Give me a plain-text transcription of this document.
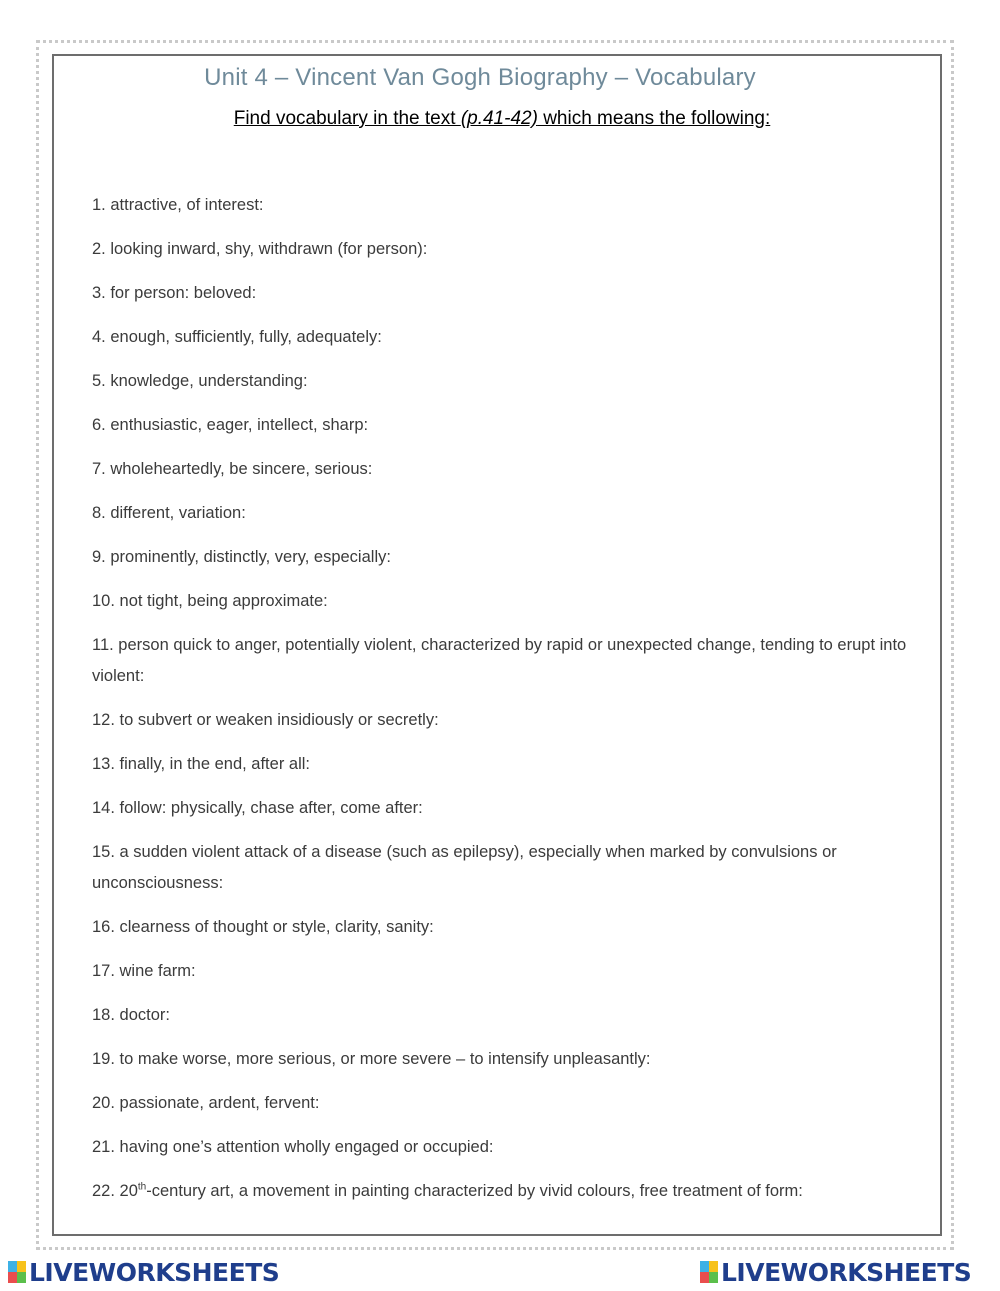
Unit 4 – Vincent Van Gogh Biography – Vocabulary
Find vocabulary in the text (p.41-42) which means the following:
1. attractive, of interest:
2. looking inward, shy, withdrawn (for person):
3. for person: beloved:
4. enough, sufficiently, fully, adequately:
5. knowledge, understanding:
6. enthusiastic, eager, intellect, sharp:
7. wholeheartedly, be sincere, serious:
8. different, variation:
9. prominently, distinctly, very, especially:
10. not tight, being approximate:
11. person quick to anger, potentially violent, characterized by rapid or unexpected change, tending to erupt into violent:
12. to subvert or weaken insidiously or secretly:
13. finally, in the end, after all:
14. follow: physically, chase after, come after:
15. a sudden violent attack of a disease (such as epilepsy), especially when marked by convulsions or unconsciousness:
16. clearness of thought or style, clarity, sanity:
17. wine farm:
18. doctor:
19. to make worse, more serious, or more severe – to intensify unpleasantly:
20. passionate, ardent, fervent:
21. having one’s attention wholly engaged or occupied:
22. 20th-century art, a movement in painting characterized by vivid colours, free treatment of form:
LIVEWORKSHEETS	LIVEWORKSHEETS
